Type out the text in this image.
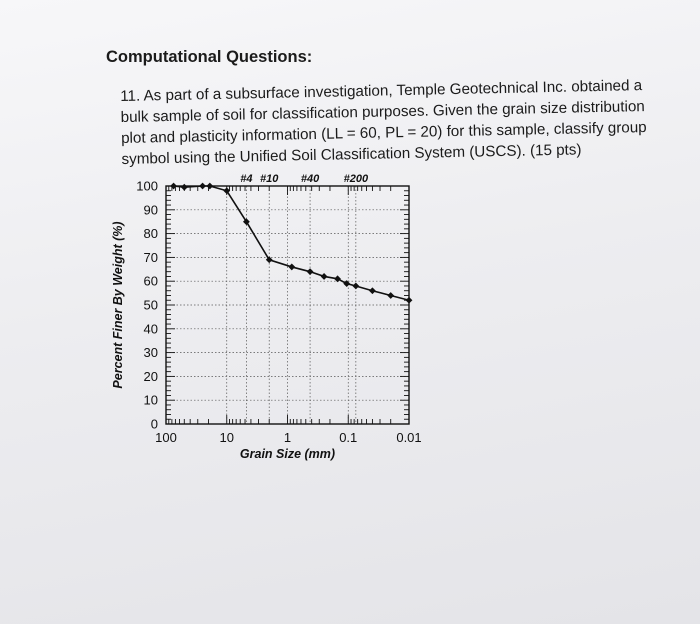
Computational Questions:

11. As part of a subsurface investigation, Temple Geotechnical Inc. obtained a bulk sample of soil for classification purposes. Given the grain size distribution plot and plasticity information (LL = 60, PL = 20) for this sample, classify group symbol using the Unified Soil Classification System (USCS). (15 pts)

0
10
20
30
40
50
60
70
80
90
100
100	10	1	0.1	0.01
#4 #10 #40 #200
Grain Size (mm)
Percent Finer By Weight (%)
